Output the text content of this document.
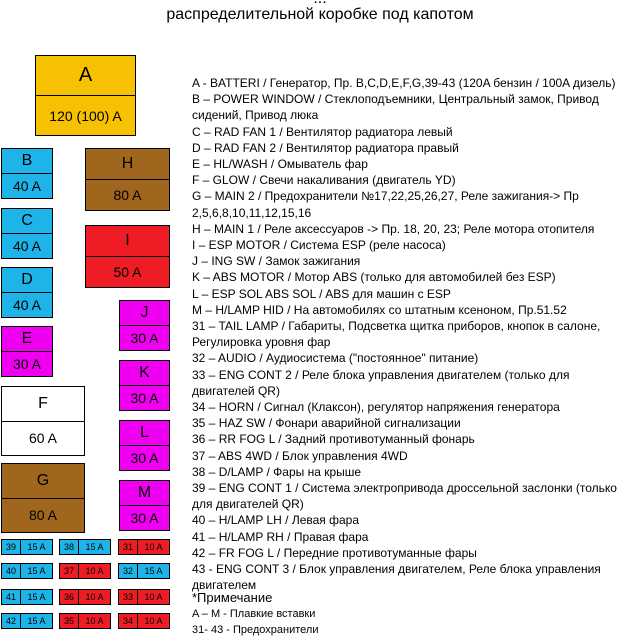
распределительной коробке под капотом
A
120 (100) A
B
40 A
C
40 A
D
40 A
E
30 A
F
60 A
G
80 A
H
80 A
I
50 A
J
30 A
K
30 A
L
30 A
M
30 A
39	15 A	38	15 A	31	10 A
40	15 A	37	10 A	32	15 A
41	15 A	36	10 A	33	10 A
42	15 A	35	10 A	34	10 A

A - BATTERI / Генератор, Пр. B,C,D,E,F,G,39-43 (120A бензин / 100A дизель)

B – POWER WINDOW / Стеклоподъемники, Центральный замок, Привод сидений, Привод люка

C – RAD FAN 1 / Вентилятор радиатора левый

D – RAD FAN 2 / Вентилятор радиатора правый

E – HL/WASH / Омыватель фар

F – GLOW / Свечи накаливания (двигатель YD)

G – MAIN 2 / Предохранители №17,22,25,26,27, Реле зажигания-> Пр 2,5,6,8,10,11,12,15,16

H – MAIN 1 / Реле аксессуаров -> Пр. 18, 20, 23; Реле мотора отопителя

I – ESP MOTOR / Система ESP (реле насоса)

J – ING SW / Замок зажигания

K – ABS MOTOR / Мотор ABS (только для автомобилей без ESP)

L – ESP SOL ABS SOL / ABS для машин с ESP

M – H/LAMP HID / На автомобилях со штатным ксеноном, Пр.51.52

31 – TAIL LAMP / Габариты, Подсветка щитка приборов, кнопок в салоне, Регулировка уровня фар

32 – AUDIO / Аудиосистема ("постоянное" питание)

33 – ENG CONT 2 / Реле блока управления двигателем (только для двигателей QR)

34 – HORN / Сигнал (Клаксон), регулятор напряжения генератора

35 – HAZ SW / Фонари аварийной сигнализации

36 – RR FOG L / Задний противотуманный фонарь

37 – ABS 4WD / Блок управления 4WD

38 – D/LAMP / Фары на крыше

39 – ENG CONT 1 / Система электропривода дроссельной заслонки (только для двигателей QR)

40 – H/LAMP LH / Левая фара

41 – H/LAMP RH / Правая фара

42 – FR FOG L / Передние противотуманные фары

43 - ENG CONT 3 / Блок управления двигателем, Реле блока управления двигателем

*Примечание
A – M - Плавкие вставки
31- 43 - Предохранители
